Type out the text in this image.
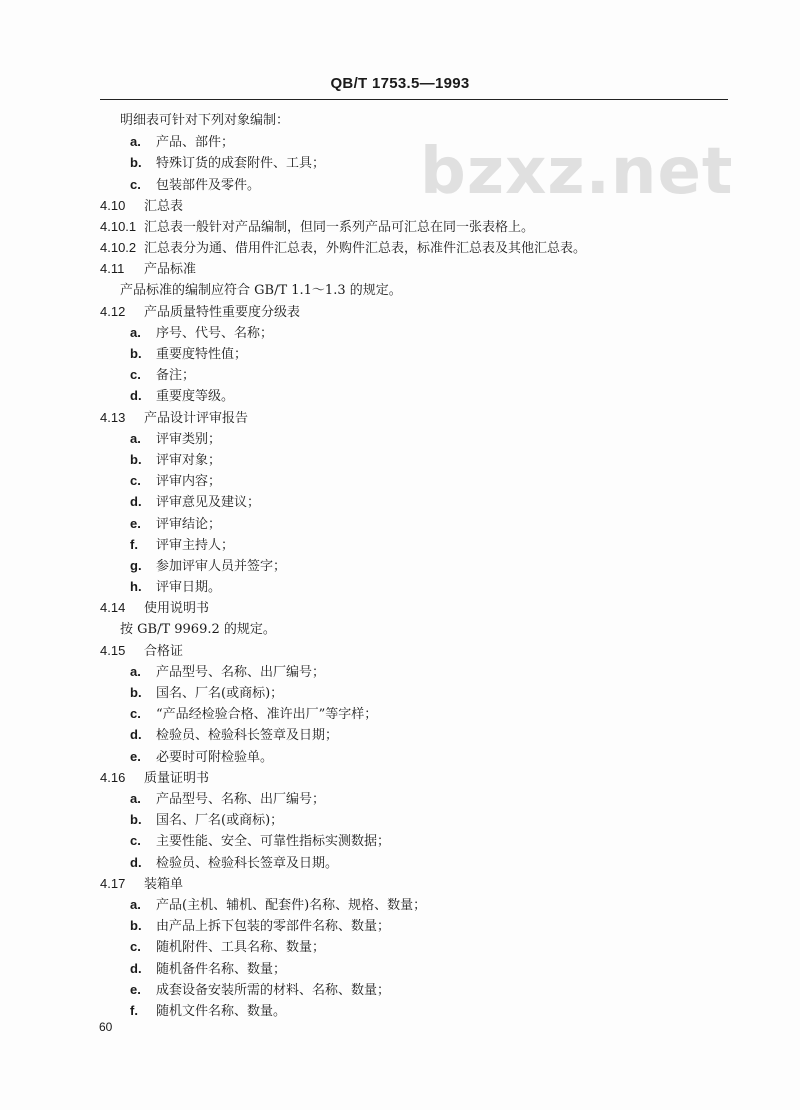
QB/T 1753.5—1993
bzxz.net
明细表可针对下列对象编制：
a. 产品、部件；
b. 特殊订货的成套附件、工具；
c. 包装部件及零件。
4.10 汇总表
4.10.1 汇总表一般针对产品编制，但同一系列产品可汇总在同一张表格上。
4.10.2 汇总表分为通、借用件汇总表，外购件汇总表，标准件汇总表及其他汇总表。
4.11 产品标准
产品标准的编制应符合 GB/T 1.1～1.3 的规定。
4.12 产品质量特性重要度分级表
a. 序号、代号、名称；
b. 重要度特性值；
c. 备注；
d. 重要度等级。
4.13 产品设计评审报告
a. 评审类别；
b. 评审对象；
c. 评审内容；
d. 评审意见及建议；
e. 评审结论；
f. 评审主持人；
g. 参加评审人员并签字；
h. 评审日期。
4.14 使用说明书
按 GB/T 9969.2 的规定。
4.15 合格证
a. 产品型号、名称、出厂编号；
b. 国名、厂名(或商标)；
c. “产品经检验合格、准许出厂”等字样；
d. 检验员、检验科长签章及日期；
e. 必要时可附检验单。
4.16 质量证明书
a. 产品型号、名称、出厂编号；
b. 国名、厂名(或商标)；
c. 主要性能、安全、可靠性指标实测数据；
d. 检验员、检验科长签章及日期。
4.17 装箱单
a. 产品(主机、辅机、配套件)名称、规格、数量；
b. 由产品上拆下包装的零部件名称、数量；
c. 随机附件、工具名称、数量；
d. 随机备件名称、数量；
e. 成套设备安装所需的材料、名称、数量；
f. 随机文件名称、数量。
60
